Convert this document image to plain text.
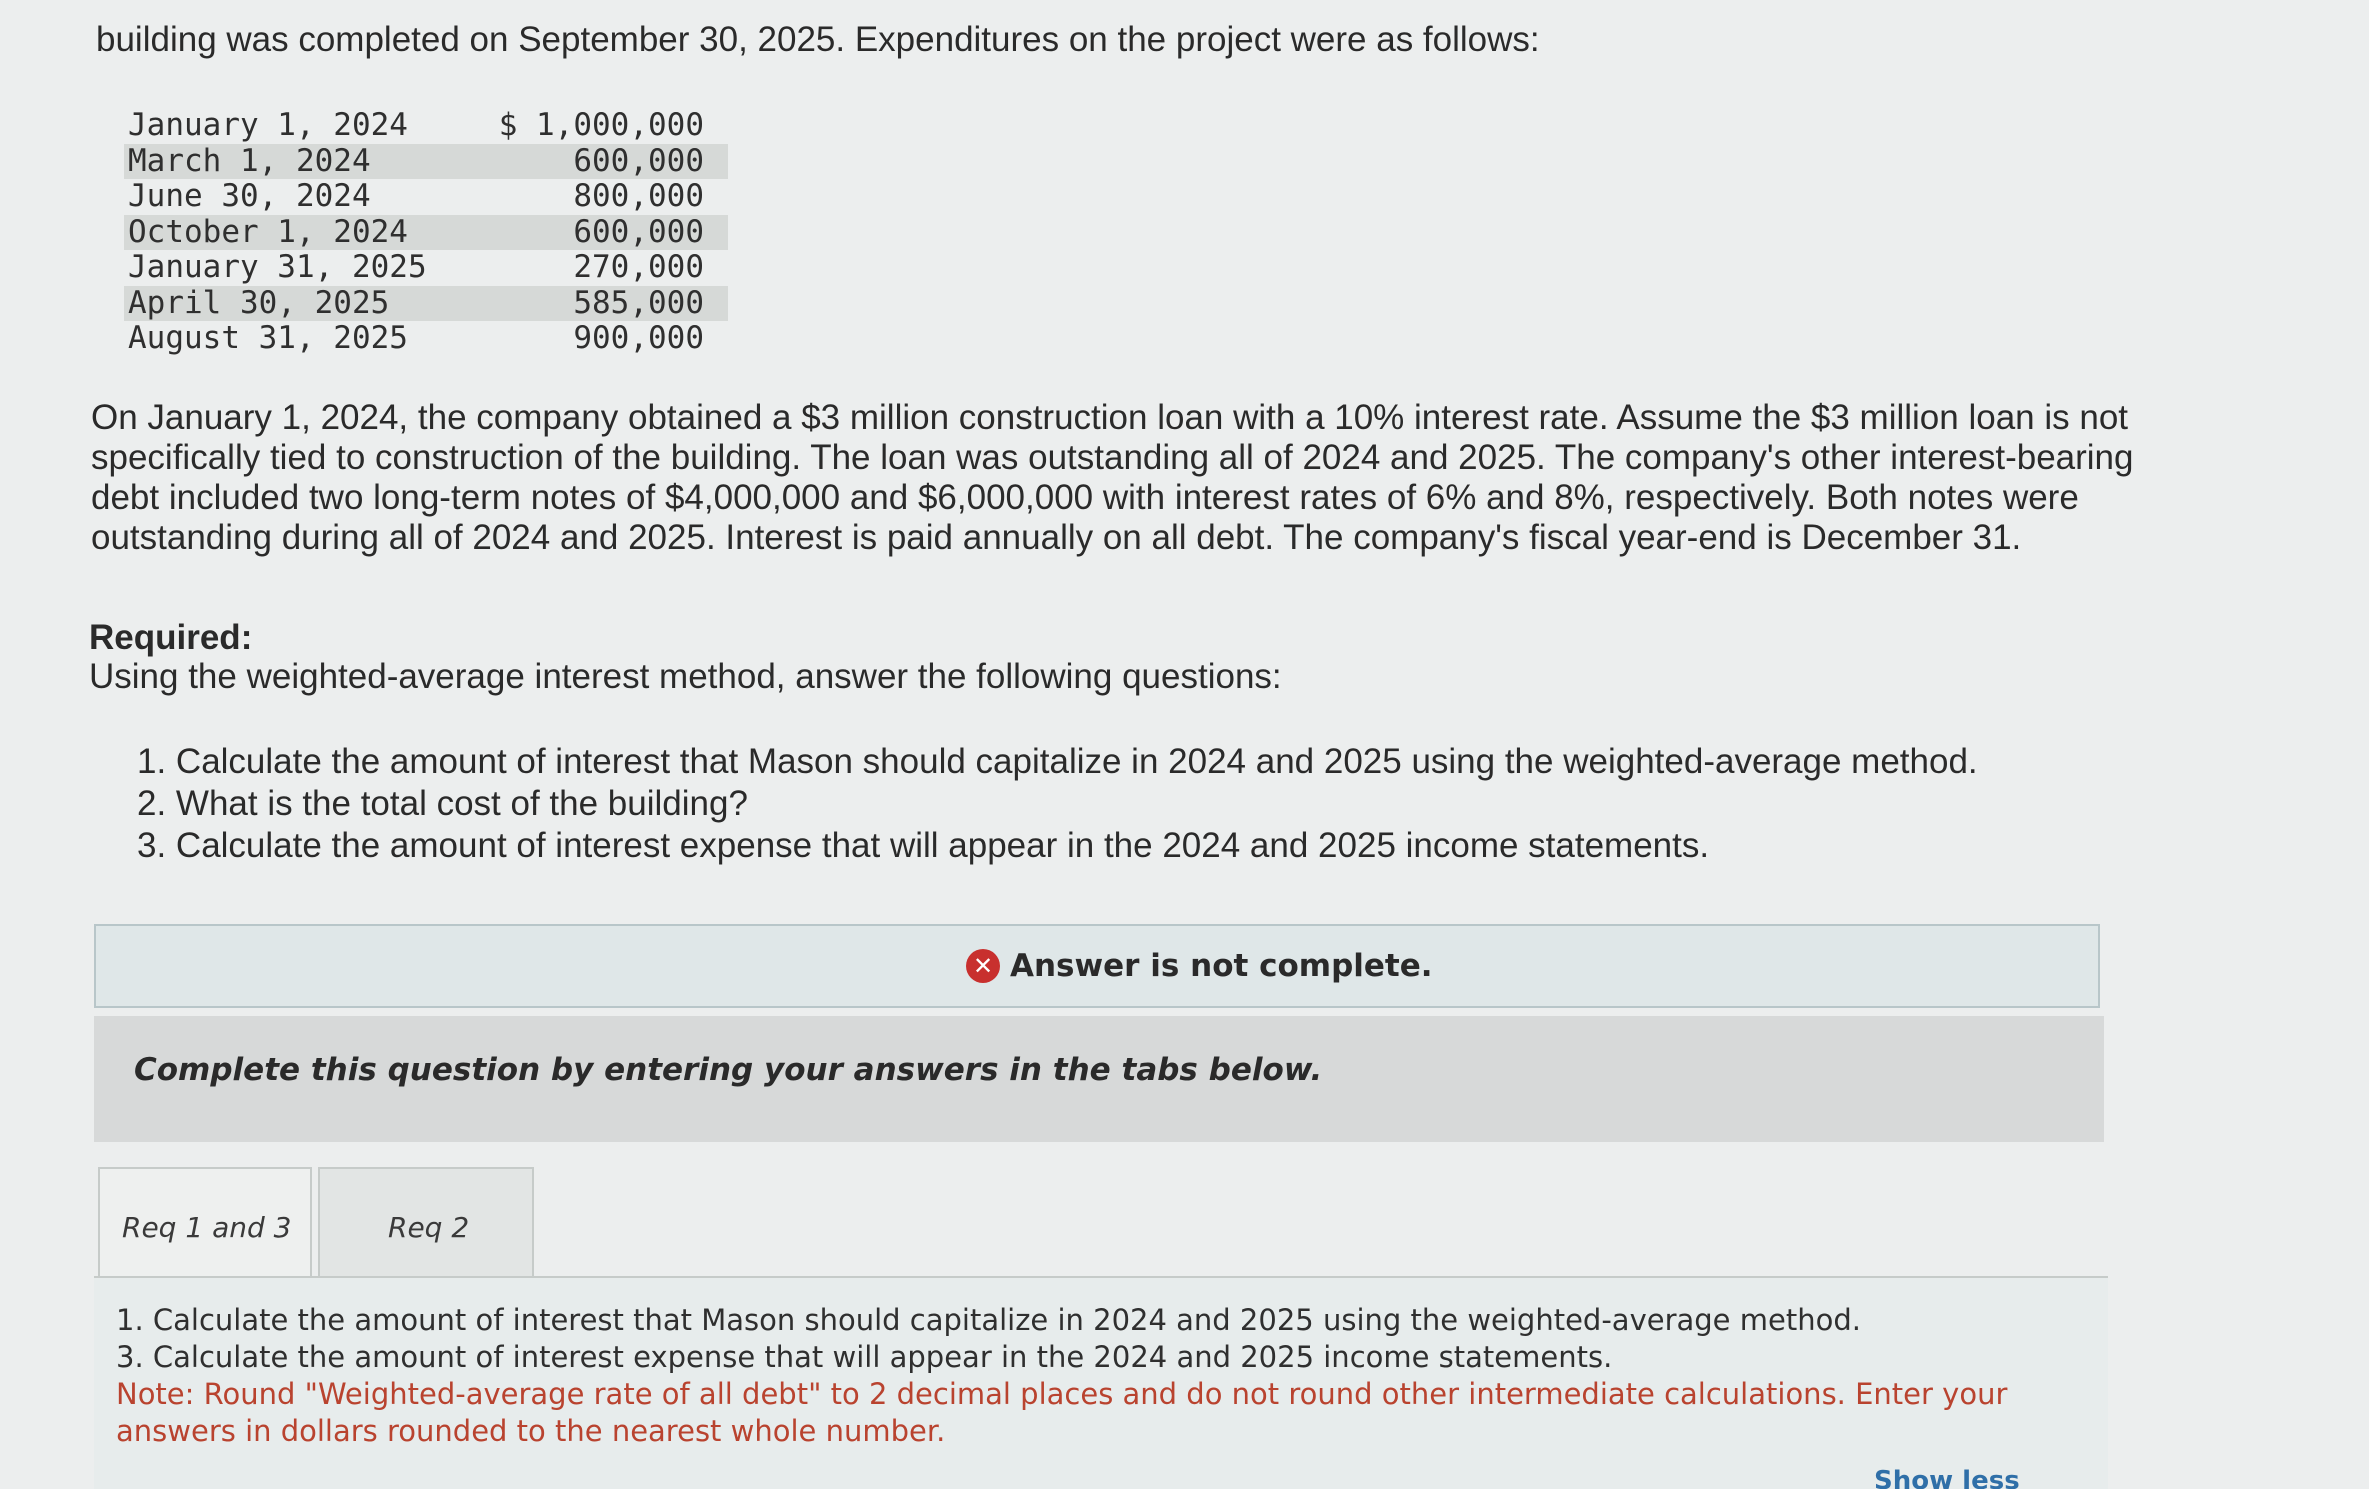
building was completed on September 30, 2025. Expenditures on the project were as follows:
January 1, 2024	$ 1,000,000
March 1, 2024	600,000
June 30, 2024	800,000
October 1, 2024	600,000
January 31, 2025	270,000
April 30, 2025	585,000
August 31, 2025	900,000

On January 1, 2024, the company obtained a $3 million construction loan with a 10% interest rate. Assume the $3 million loan is not

specifically tied to construction of the building. The loan was outstanding all of 2024 and 2025. The company's other interest-bearing

debt included two long-term notes of $4,000,000 and $6,000,000 with interest rates of 6% and 8%, respectively. Both notes were

outstanding during all of 2024 and 2025. Interest is paid annually on all debt. The company's fiscal year-end is December 31.

Required:
Using the weighted-average interest method, answer the following questions:
1. Calculate the amount of interest that Mason should capitalize in 2024 and 2025 using the weighted-average method.
2. What is the total cost of the building?
3. Calculate the amount of interest expense that will appear in the 2024 and 2025 income statements.
✕ Answer is not complete.
Complete this question by entering your answers in the tabs below.
Req 1 and 3	Req 2
1. Calculate the amount of interest that Mason should capitalize in 2024 and 2025 using the weighted-average method.
3. Calculate the amount of interest expense that will appear in the 2024 and 2025 income statements.
Note: Round "Weighted-average rate of all debt" to 2 decimal places and do not round other intermediate calculations. Enter your answers in dollars rounded to the nearest whole number.
Show less
